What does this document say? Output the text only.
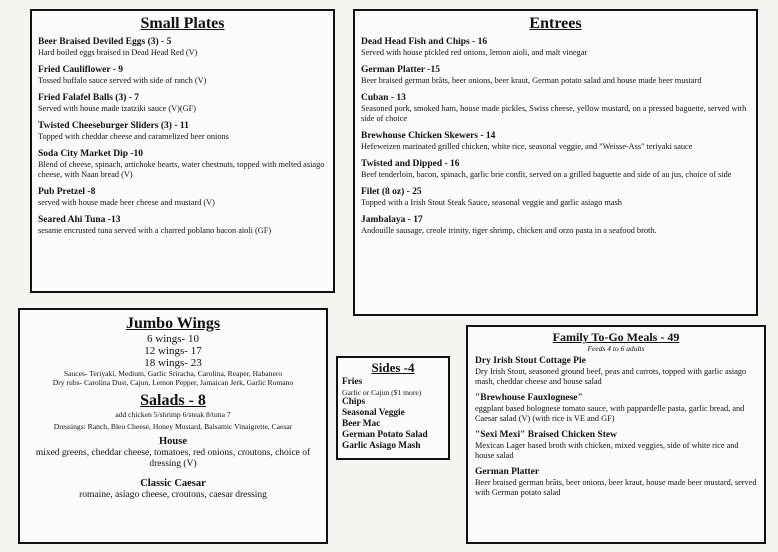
Small Plates

Beer Braised Deviled Eggs (3) - 5
Hard boiled eggs braised in Dead Head Red (V)
Fried Cauliflower - 9
Tossed buffalo sauce served with side of ranch (V)
Fried Falafel Balls (3) - 7
Served with house made tzatziki sauce (V)(GF)
Twisted Cheeseburger Sliders (3) - 11
Topped with cheddar cheese and caramelized beer onions
Soda City Market Dip -10
Blend of cheese, spinach, artichoke hearts, water chestnuts, topped with melted asiago cheese, with Naan bread (V)
Pub Pretzel -8
served with house made beer cheese and mustard (V)
Seared Ahi Tuna -13
sesame encrusted tuna served with a charred poblano bacon aioli (GF)

Entrees

Dead Head Fish and Chips - 16
Served with house pickled red onions, lemon aioli, and malt vinegar
German Platter -15
Beer braised german brāts, beer onions, beer kraut, German potato salad and house made beer mustard
Cuban - 13
Seasoned pork, smoked ham, house made pickles, Swiss cheese, yellow mustard, on a pressed baguette, served with side of choice
Brewhouse Chicken Skewers - 14
Hefeweizen marinated grilled chicken, white rice, seasonal veggie, and "Weisse-Ass" teriyaki sauce
Twisted and Dipped - 16
Beef tenderloin, bacon, spinach, garlic brie confit, served on a grilled baguette and side of au jus, choice of side
Filet (8 oz) - 25
Topped with a Irish Stout Steak Sauce, seasonal veggie and garlic asiago mash
Jambalaya - 17
Andouille sausage, creole trinity, tiger shrimp, chicken and orzo pasta in a seafood broth.

Jumbo Wings

6 wings- 10
12 wings- 17
18 wings- 23
Sauces- Teriyaki, Medium, Garlic Sriracha, Carolina, Reaper, Habanero
Dry rubs- Carolina Dust, Cajun, Lemon Pepper, Jamaican Jerk, Garlic Romano

Salads - 8

add chicken 5/shrimp 6/steak 8/tuna 7
Dressings: Ranch, Bleu Cheese, Honey Mustard, Balsamic Vinaigrette, Caesar
House
mixed greens, cheddar cheese, tomatoes, red onions, croutons, choice of dressing (V)
Classic Caesar
romaine, asiago cheese, croutons, caesar dressing

Sides -4

Fries
Garlic or Cajun ($1 more)
Chips
Seasonal Veggie
Beer Mac
German Potato Salad
Garlic Asiago Mash

Family To-Go Meals - 49

Feeds 4 to 6 adults
Dry Irish Stout Cottage Pie
Dry Irish Stout, seasoned ground beef, peas and carrots, topped with garlic asiago mash, cheddar cheese and house salad
"Brewhouse Fauxlognese"
eggplant based bolognese tomato sauce, with pappardelle pasta, garlic bread, and Caesar salad (V) (with rice is VE and GF)
"Sexi Mexi" Braised Chicken Stew
Mexican Lager based broth with chicken, mixed veggies, side of white rice and house salad
German Platter
Beer braised german brāts, beer onions, beer kraut, house made beer mustard, served with German potato salad
